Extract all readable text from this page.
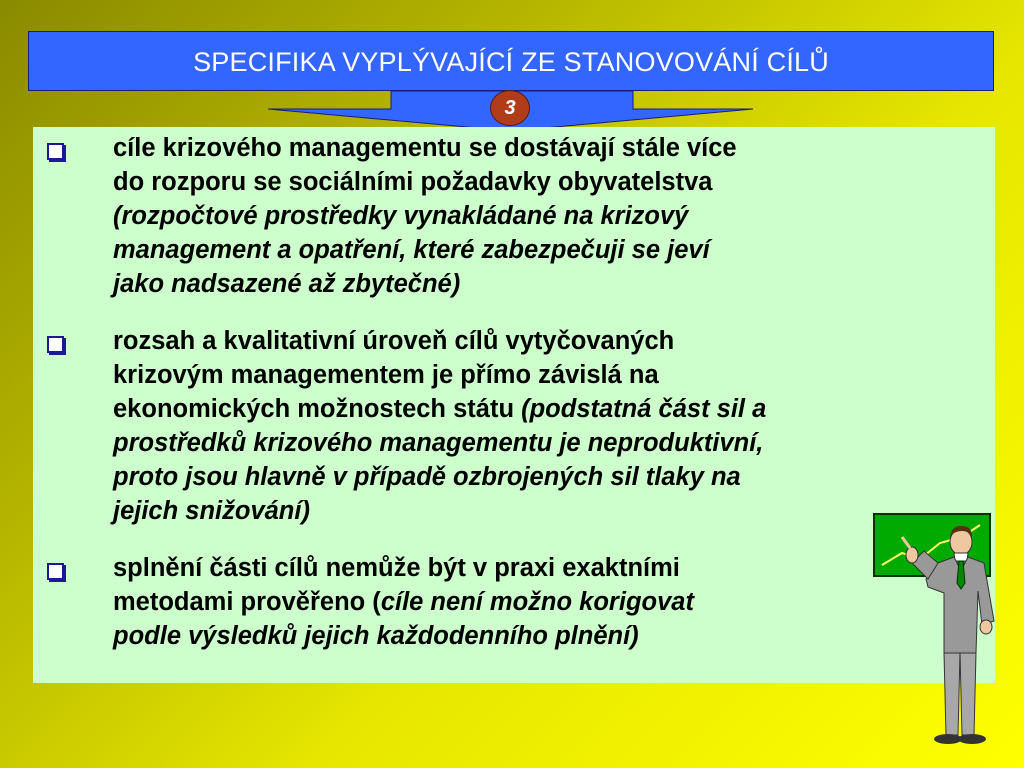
SPECIFIKA VYPLÝVAJÍCÍ ZE STANOVOVÁNÍ CÍLŮ
3
cíle krizového managementu se dostávají stále více
do rozporu se sociálními požadavky obyvatelstva
(rozpočtové prostředky vynakládané na krizový
management a opatření, které zabezpečuji se jeví
jako nadsazené až zbytečné)
rozsah a kvalitativní úroveň cílů vytyčovaných
krizovým managementem je přímo závislá na
ekonomických možnostech státu (podstatná část sil a
prostředků krizového managementu je neproduktivní,
proto jsou hlavně v případě ozbrojených sil tlaky na
jejich snižování)
splnění části cílů nemůže být v praxi exaktními
metodami prověřeno (cíle není možno korigovat
podle výsledků jejich každodenního plnění)
